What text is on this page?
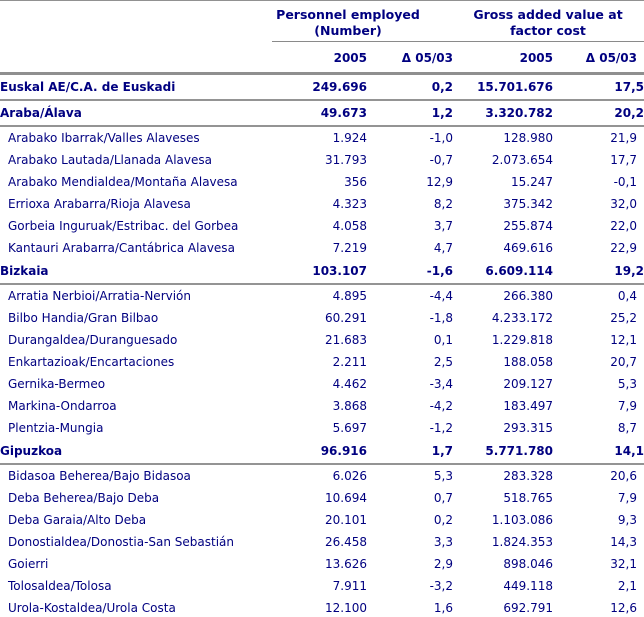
	Personnel employed (Number)		Gross added value at factor cost	
	2005	Δ 05/03	2005	Δ 05/03
Euskal AE/C.A. de Euskadi	249.696	0,2	15.701.676	17,5
Araba/Álava	49.673	1,2	3.320.782	20,2
Arabako Ibarrak/Valles Alaveses	1.924	-1,0	128.980	21,9
Arabako Lautada/Llanada Alavesa	31.793	-0,7	2.073.654	17,7
Arabako Mendialdea/Montaña Alavesa	356	12,9	15.247	-0,1
Errioxa Arabarra/Rioja Alavesa	4.323	8,2	375.342	32,0
Gorbeia Inguruak/Estribac. del Gorbea	4.058	3,7	255.874	22,0
Kantauri Arabarra/Cantábrica Alavesa	7.219	4,7	469.616	22,9
Bizkaia	103.107	-1,6	6.609.114	19,2
Arratia Nerbioi/Arratia-Nervión	4.895	-4,4	266.380	0,4
Bilbo Handia/Gran Bilbao	60.291	-1,8	4.233.172	25,2
Durangaldea/Duranguesado	21.683	0,1	1.229.818	12,1
Enkartazioak/Encartaciones	2.211	2,5	188.058	20,7
Gernika-Bermeo	4.462	-3,4	209.127	5,3
Markina-Ondarroa	3.868	-4,2	183.497	7,9
Plentzia-Mungia	5.697	-1,2	293.315	8,7
Gipuzkoa	96.916	1,7	5.771.780	14,1
Bidasoa Beherea/Bajo Bidasoa	6.026	5,3	283.328	20,6
Deba Beherea/Bajo Deba	10.694	0,7	518.765	7,9
Deba Garaia/Alto Deba	20.101	0,2	1.103.086	9,3
Donostialdea/Donostia-San Sebastián	26.458	3,3	1.824.353	14,3
Goierri	13.626	2,9	898.046	32,1
Tolosaldea/Tolosa	7.911	-3,2	449.118	2,1
Urola-Kostaldea/Urola Costa	12.100	1,6	692.791	12,6
